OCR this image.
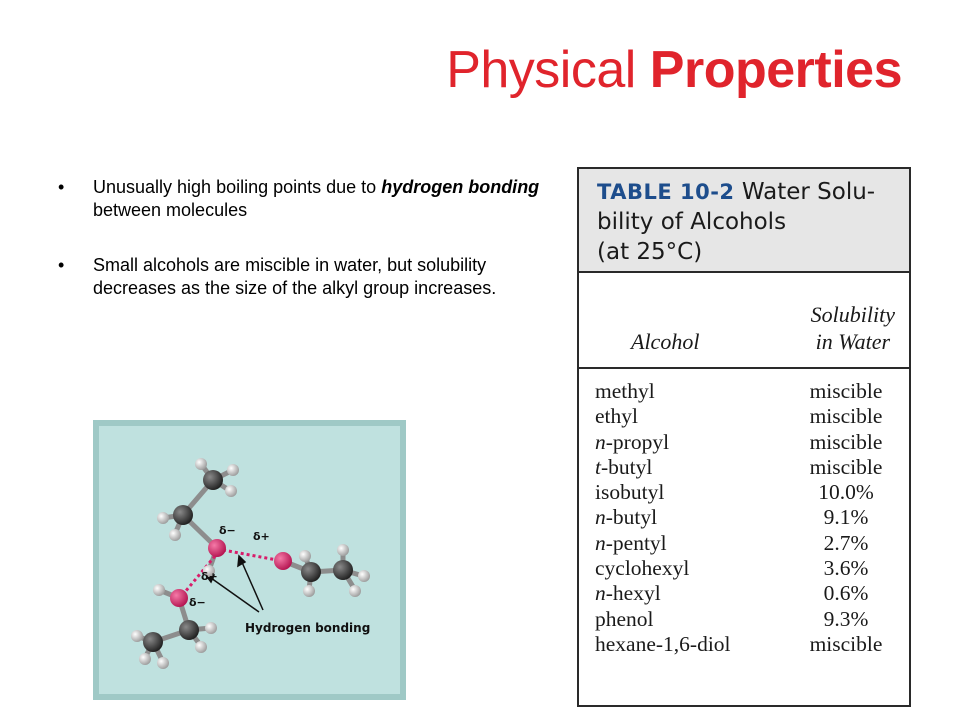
Physical Properties
• Unusually high boiling points due to hydrogen bonding between molecules
• Small alcohols are miscible in water, but solubility decreases as the size of the alkyl group increases.
δ− δ+
δ+
δ−
Hydrogen bonding
TABLE 10-2 Water Solu-
bility of Alcohols
(at 25°C)
Alcohol
Solubility
in Water
methyl	miscible
ethyl	miscible
n-propyl	miscible
t-butyl	miscible
isobutyl	10.0%
n-butyl	9.1%
n-pentyl	2.7%
cyclohexyl	3.6%
n-hexyl	0.6%
phenol	9.3%
hexane-1,6-diol	miscible
